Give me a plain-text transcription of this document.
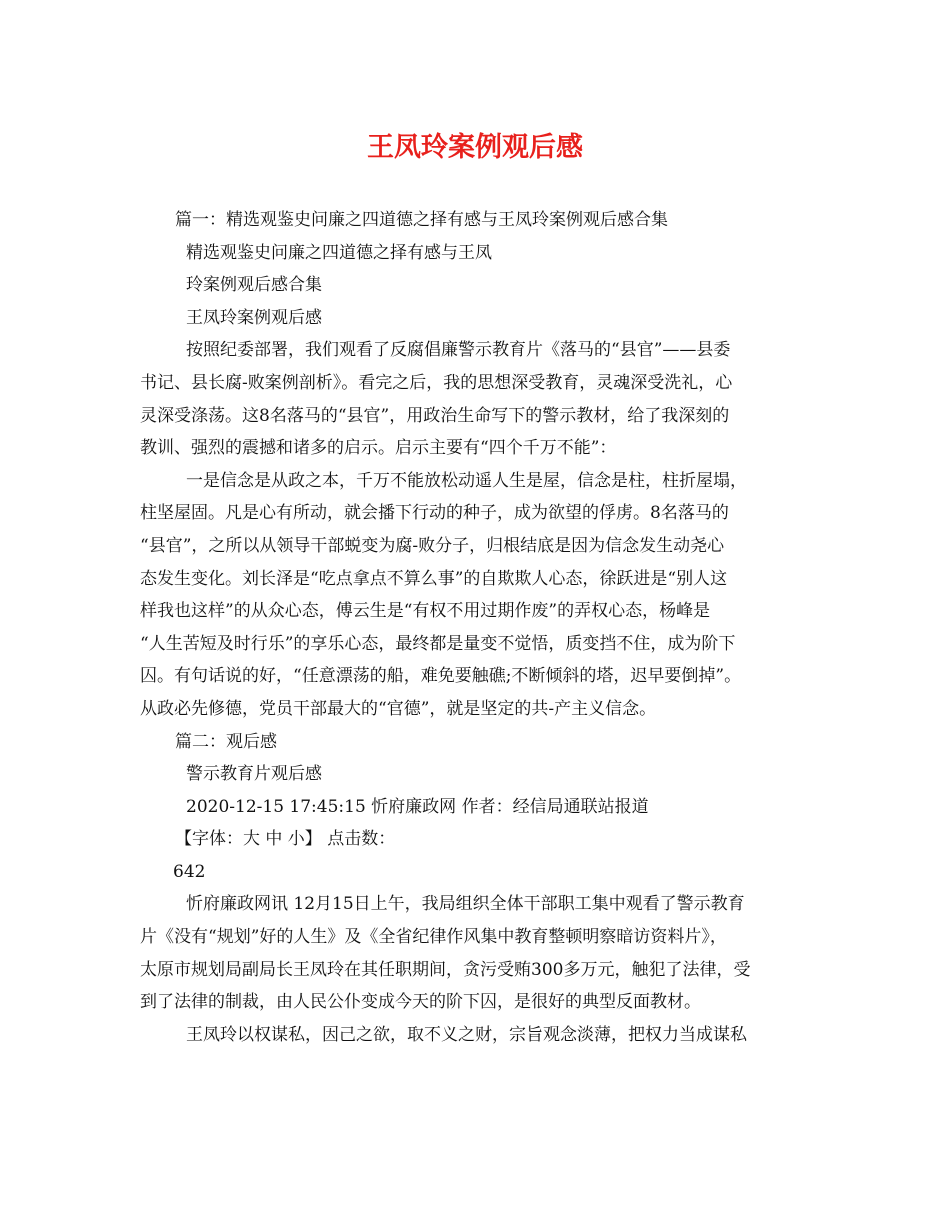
王凤玲案例观后感
篇一：精选观鉴史问廉之四道德之择有感与王凤玲案例观后感合集
精选观鉴史问廉之四道德之择有感与王凤
玲案例观后感合集
王凤玲案例观后感
按照纪委部署，我们观看了反腐倡廉警示教育片《落马的“县官”——县委
书记、县长腐-败案例剖析》。看完之后，我的思想深受教育，灵魂深受洗礼，心
灵深受涤荡。这8名落马的“县官”，用政治生命写下的警示教材，给了我深刻的
教训、强烈的震撼和诸多的启示。启示主要有“四个千万不能”：
一是信念是从政之本，千万不能放松动遥人生是屋，信念是柱，柱折屋塌，
柱坚屋固。凡是心有所动，就会播下行动的种子，成为欲望的俘虏。8名落马的
“县官”，之所以从领导干部蜕变为腐-败分子，归根结底是因为信念发生动尧心
态发生变化。刘长泽是“吃点拿点不算么事”的自欺欺人心态，徐跃进是“别人这
样我也这样”的从众心态，傅云生是“有权不用过期作废”的弄权心态，杨峰是
“人生苦短及时行乐”的享乐心态，最终都是量变不觉悟，质变挡不住，成为阶下
囚。有句话说的好，“任意漂荡的船，难免要触礁;不断倾斜的塔，迟早要倒掉”。
从政必先修德，党员干部最大的“官德”，就是坚定的共-产主义信念。
篇二：观后感
警示教育片观后感
2020-12-15 17:45:15 忻府廉政网 作者：经信局通联站报道
【字体：大 中 小】 点击数：
642
忻府廉政网讯 12月15日上午，我局组织全体干部职工集中观看了警示教育
片《没有“规划”好的人生》及《全省纪律作风集中教育整顿明察暗访资料片》，
太原市规划局副局长王凤玲在其任职期间，贪污受贿300多万元，触犯了法律，受
到了法律的制裁，由人民公仆变成今天的阶下囚，是很好的典型反面教材。
王凤玲以权谋私，因己之欲，取不义之财，宗旨观念淡薄，把权力当成谋私
